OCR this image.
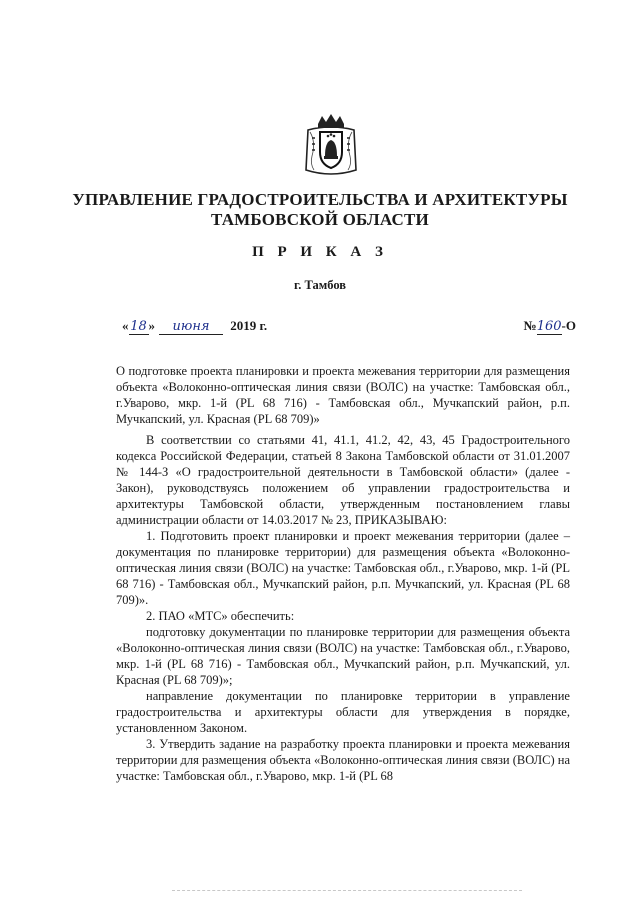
УПРАВЛЕНИЕ ГРАДОСТРОИТЕЛЬСТВА И АРХИТЕКТУРЫ
ТАМБОВСКОЙ ОБЛАСТИ
П Р И К А З
г. Тамбов
« 18 » июня 2019 г.	№160-О
О подготовке проекта планировки и проекта межевания территории для размещения объекта «Волоконно-оптическая линия связи (ВОЛС) на участке: Тамбовская обл., г.Уварово, мкр. 1-й (PL 68 716) - Тамбовская обл., Мучкапский район, р.п. Мучкапский, ул. Красная (PL 68 709)»

В соответствии со статьями 41, 41.1, 41.2, 42, 43, 45 Градостроительного кодекса Российской Федерации, статьей 8 Закона Тамбовской области от 31.01.2007 № 144-З «О градостроительной деятельности в Тамбовской области» (далее - Закон), руководствуясь положением об управлении градостроительства и архитектуры Тамбовской области, утвержденным постановлением главы администрации области от 14.03.2017 № 23, ПРИКАЗЫВАЮ:

1. Подготовить проект планировки и проект межевания территории (далее – документация по планировке территории) для размещения объекта «Волоконно-оптическая линия связи (ВОЛС) на участке: Тамбовская обл., г.Уварово, мкр. 1-й (PL 68 716) - Тамбовская обл., Мучкапский район, р.п. Мучкапский, ул. Красная (PL 68 709)».

2. ПАО «МТС» обеспечить:

подготовку документации по планировке территории для размещения объекта «Волоконно-оптическая линия связи (ВОЛС) на участке: Тамбовская обл., г.Уварово, мкр. 1-й (PL 68 716) - Тамбовская обл., Мучкапский район, р.п. Мучкапский, ул. Красная (PL 68 709)»;

направление документации по планировке территории в управление градостроительства и архитектуры области для утверждения в порядке, установленном Законом.

3. Утвердить задание на разработку проекта планировки и проекта межевания территории для размещения объекта «Волоконно-оптическая линия связи (ВОЛС) на участке: Тамбовская обл., г.Уварово, мкр. 1-й (PL 68
